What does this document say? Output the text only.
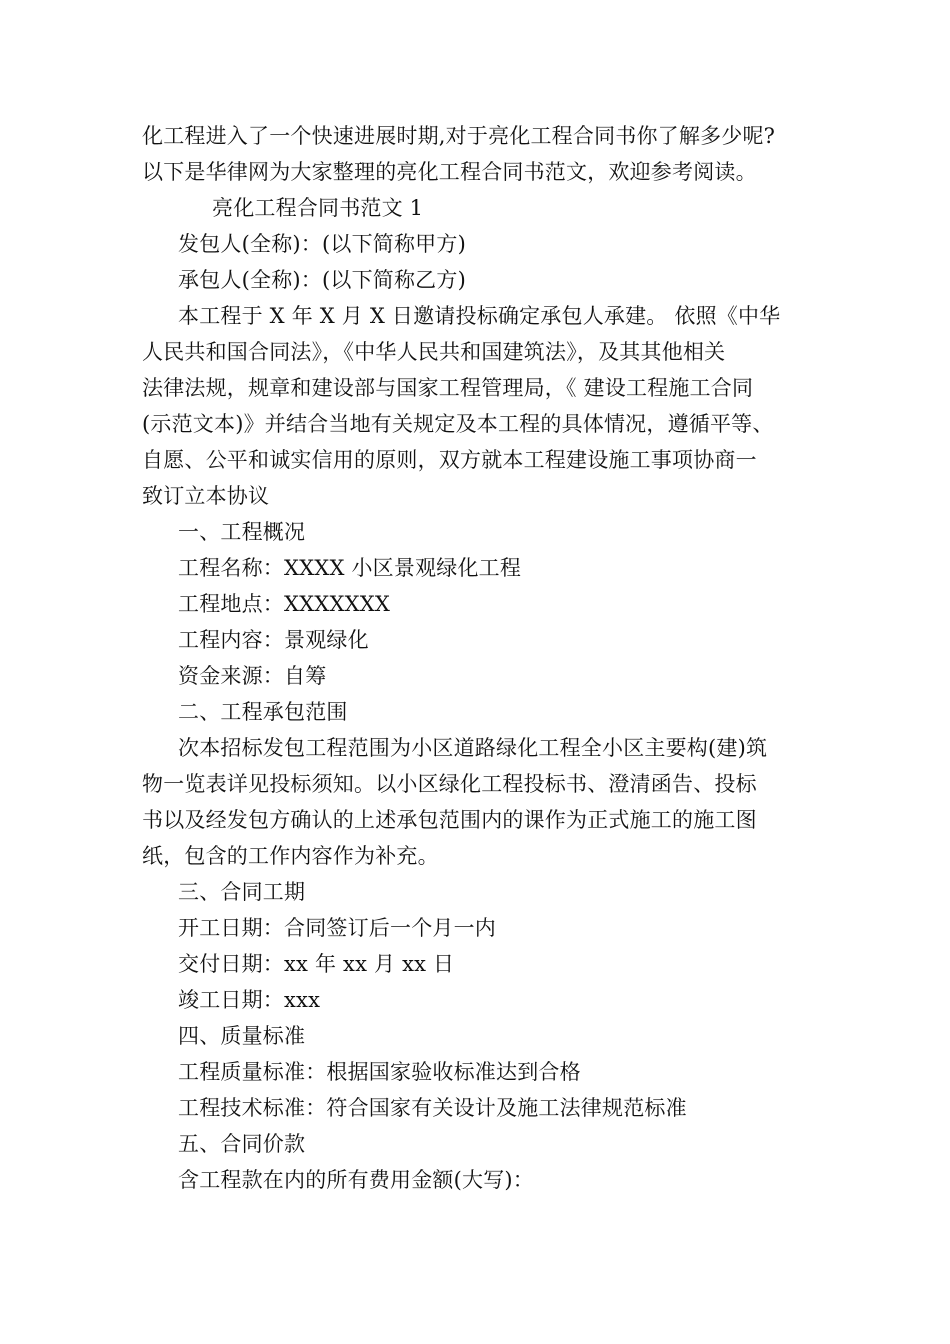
化工程进入了一个快速进展时期,对于亮化工程合同书你了解多少呢?
以下是华律网为大家整理的亮化工程合同书范文，欢迎参考阅读。
亮化工程合同书范文 1
发包人(全称)：(以下简称甲方)
承包人(全称)：(以下简称乙方)
本工程于 X 年 X 月 X 日邀请投标确定承包人承建。 依照《中华
人民共和国合同法》，《中华人民共和国建筑法》，及其其他相关
法律法规，规章和建设部与国家工程管理局，《 建设工程施工合同
(示范文本)》并结合当地有关规定及本工程的具体情况，遵循平等、
自愿、公平和诚实信用的原则，双方就本工程建设施工事项协商一
致订立本协议
一、工程概况
工程名称：XXXX 小区景观绿化工程
工程地点：XXXXXXX
工程内容：景观绿化
资金来源：自筹
二、工程承包范围
次本招标发包工程范围为小区道路绿化工程全小区主要构(建)筑
物一览表详见投标须知。以小区绿化工程投标书、澄清函告、投标
书以及经发包方确认的上述承包范围内的课作为正式施工的施工图
纸，包含的工作内容作为补充。
三、合同工期
开工日期：合同签订后一个月一内
交付日期：xx 年 xx 月 xx 日
竣工日期：xxx
四、质量标准
工程质量标准：根据国家验收标准达到合格
工程技术标准：符合国家有关设计及施工法律规范标准
五、合同价款
含工程款在内的所有费用金额(大写)：
